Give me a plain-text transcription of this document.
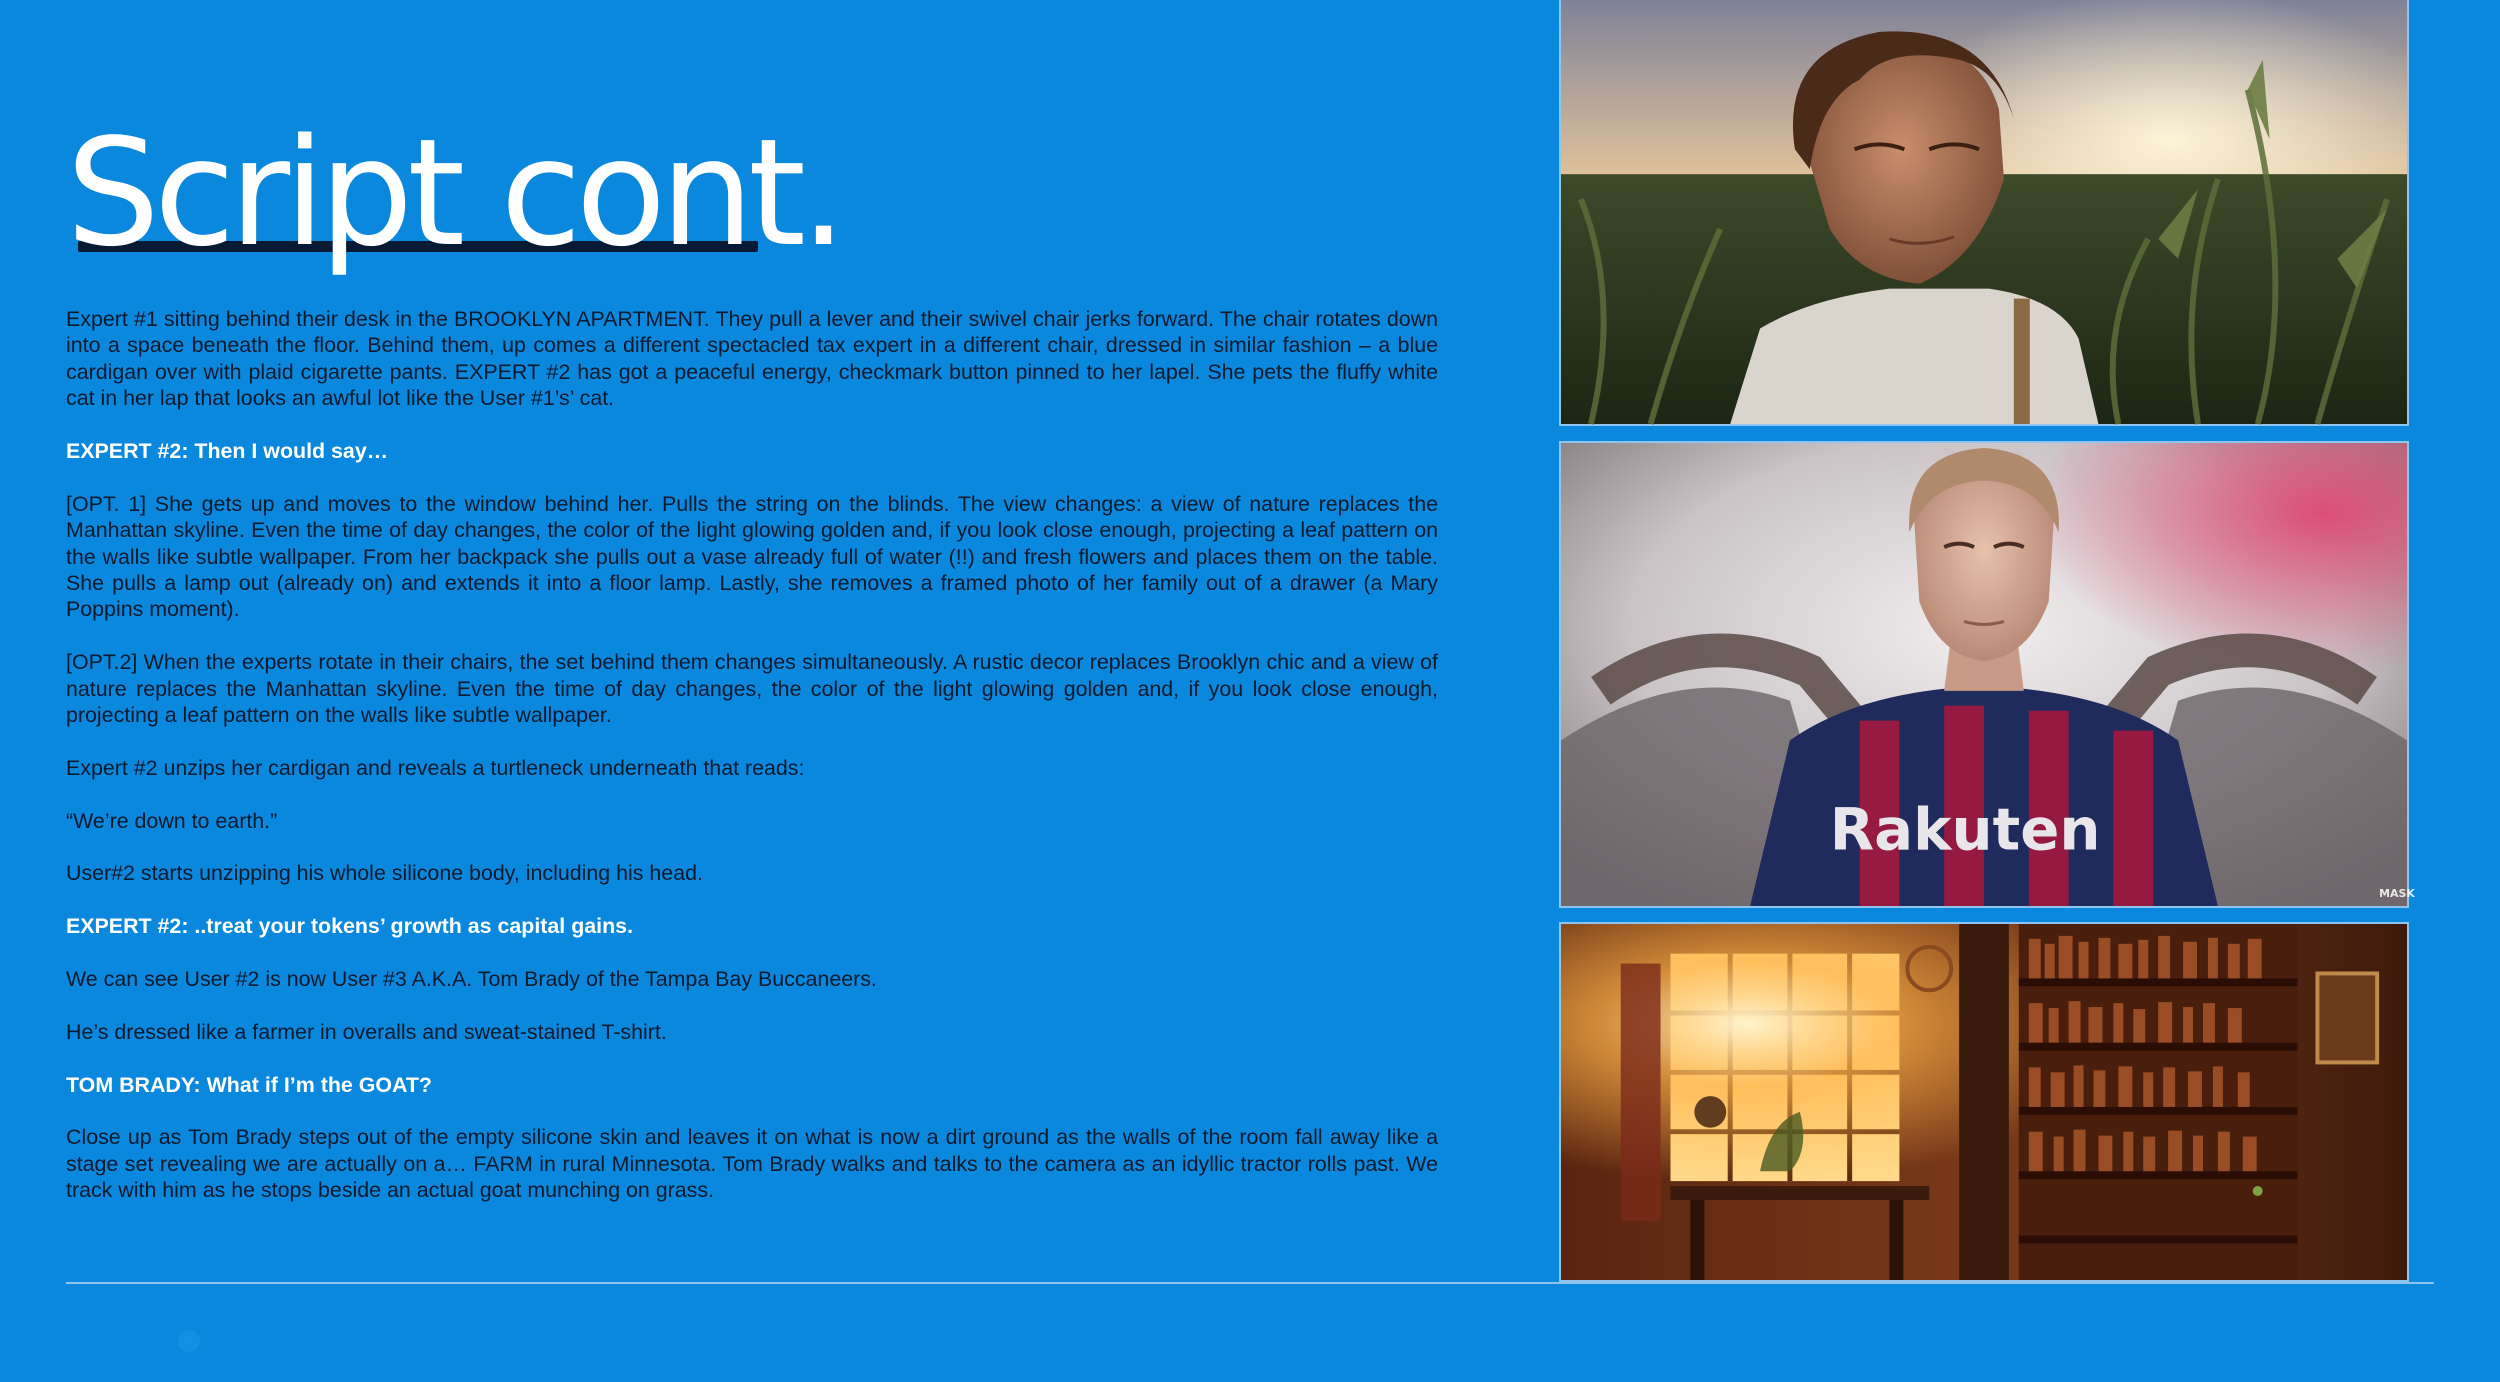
Script cont.

Expert #1 sitting behind their desk in the BROOKLYN APARTMENT. They pull a lever and their swivel chair jerks forward. The chair rotates down into a space beneath the floor. Behind them, up comes a different spectacled tax expert in a different chair, dressed in similar fashion – a blue cardigan over with plaid cigarette pants. EXPERT #2 has got a peaceful energy, checkmark button pinned to her lapel. She pets the fluffy white cat in her lap that looks an awful lot like the User #1’s’ cat.

EXPERT #2: Then I would say…

[OPT. 1] She gets up and moves to the window behind her. Pulls the string on the blinds. The view changes: a view of nature replaces the Manhattan skyline. Even the time of day changes, the color of the light glowing golden and, if you look close enough, projecting a leaf pattern on the walls like subtle wallpaper. From her backpack she pulls out a vase already full of water (!!) and fresh flowers and places them on the table. She pulls a lamp out (already on) and extends it into a floor lamp. Lastly, she removes a framed photo of her family out of a drawer (a Mary Poppins moment).

[OPT.2] When the experts rotate in their chairs, the set behind them changes simultaneously. A rustic decor replaces Brooklyn chic and a view of nature replaces the Manhattan skyline. Even the time of day changes, the color of the light glowing golden and, if you look close enough, projecting a leaf pattern on the walls like subtle wallpaper.

Expert #2 unzips her cardigan and reveals a turtleneck underneath that reads:

“We’re down to earth.”

User#2 starts unzipping his whole silicone body, including his head.

EXPERT #2: ..treat your tokens’ growth as capital gains.

We can see User #2 is now User #3 A.K.A. Tom Brady of the Tampa Bay Buccaneers.

He’s dressed like a farmer in overalls and sweat-stained T-shirt.

TOM BRADY: What if I’m the GOAT?

Close up as Tom Brady steps out of the empty silicone skin and leaves it on what is now a dirt ground as the walls of the room fall away like a stage set revealing we are actually on a… FARM in rural Minnesota. Tom Brady walks and talks to the camera as an idyllic tractor rolls past. We track with him as he stops beside an actual goat munching on grass.

Rakuten
MASK
